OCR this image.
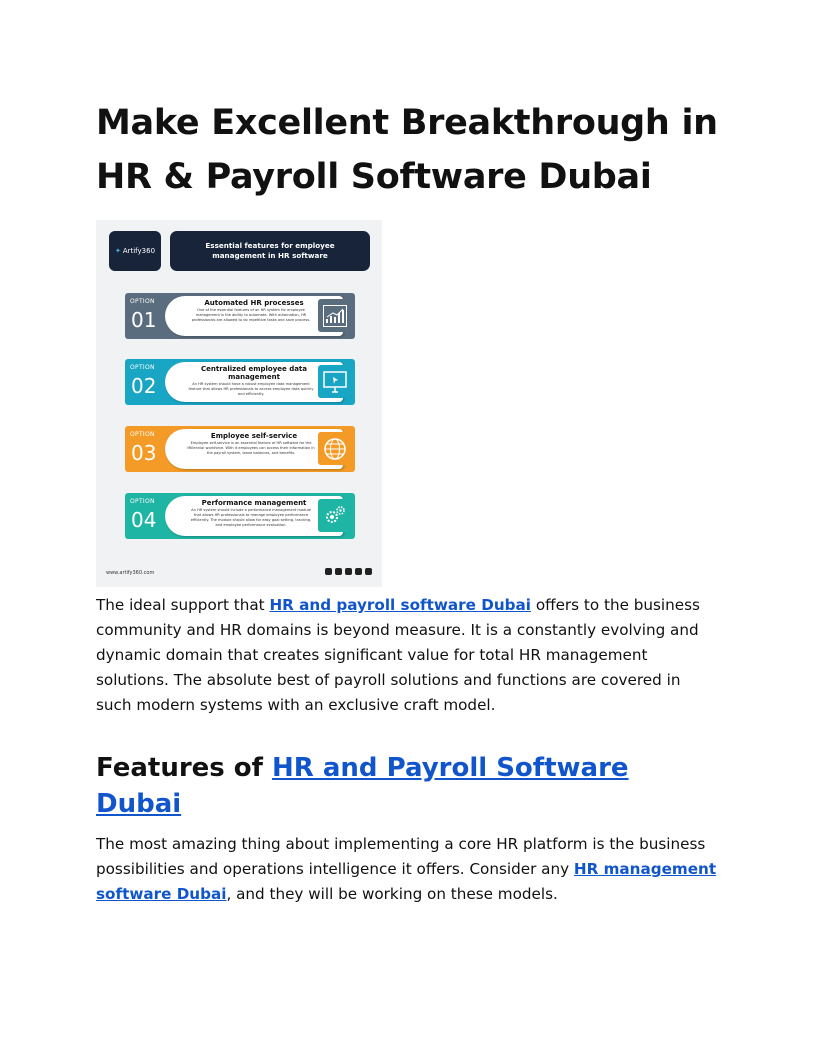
Make Excellent Breakthrough in HR & Payroll Software Dubai
✦ Artify360
Essential features for employee management in HR software
OPTION
01
Automated HR processes
One of the essential features of an HR system for employee management is the ability to automate. With automation, HR professionals are allowed to do repetitive tasks and save process.
OPTION
02
Centralized employee data management
An HR system should have a robust employee data management feature that allows HR professionals to access employee data quickly and efficiently.
OPTION
03
Employee self-service
Employee self-service is an essential feature of HR software for the Millennial workforce. With it employees can access their information in the payroll system, leave balances, and benefits.
OPTION
04
Performance management
An HR system should include a performance management module that allows HR professionals to manage employee performance efficiently. The module should allow for easy goal setting, tracking, and employee performance evaluation.
www.artify360.com

The ideal support that HR and payroll software Dubai offers to the business community and HR domains is beyond measure. It is a constantly evolving and dynamic domain that creates significant value for total HR management solutions. The absolute best of payroll solutions and functions are covered in such modern systems with an exclusive craft model.

Features of HR and Payroll Software Dubai

The most amazing thing about implementing a core HR platform is the business possibilities and operations intelligence it offers. Consider any HR management software Dubai, and they will be working on these models.
